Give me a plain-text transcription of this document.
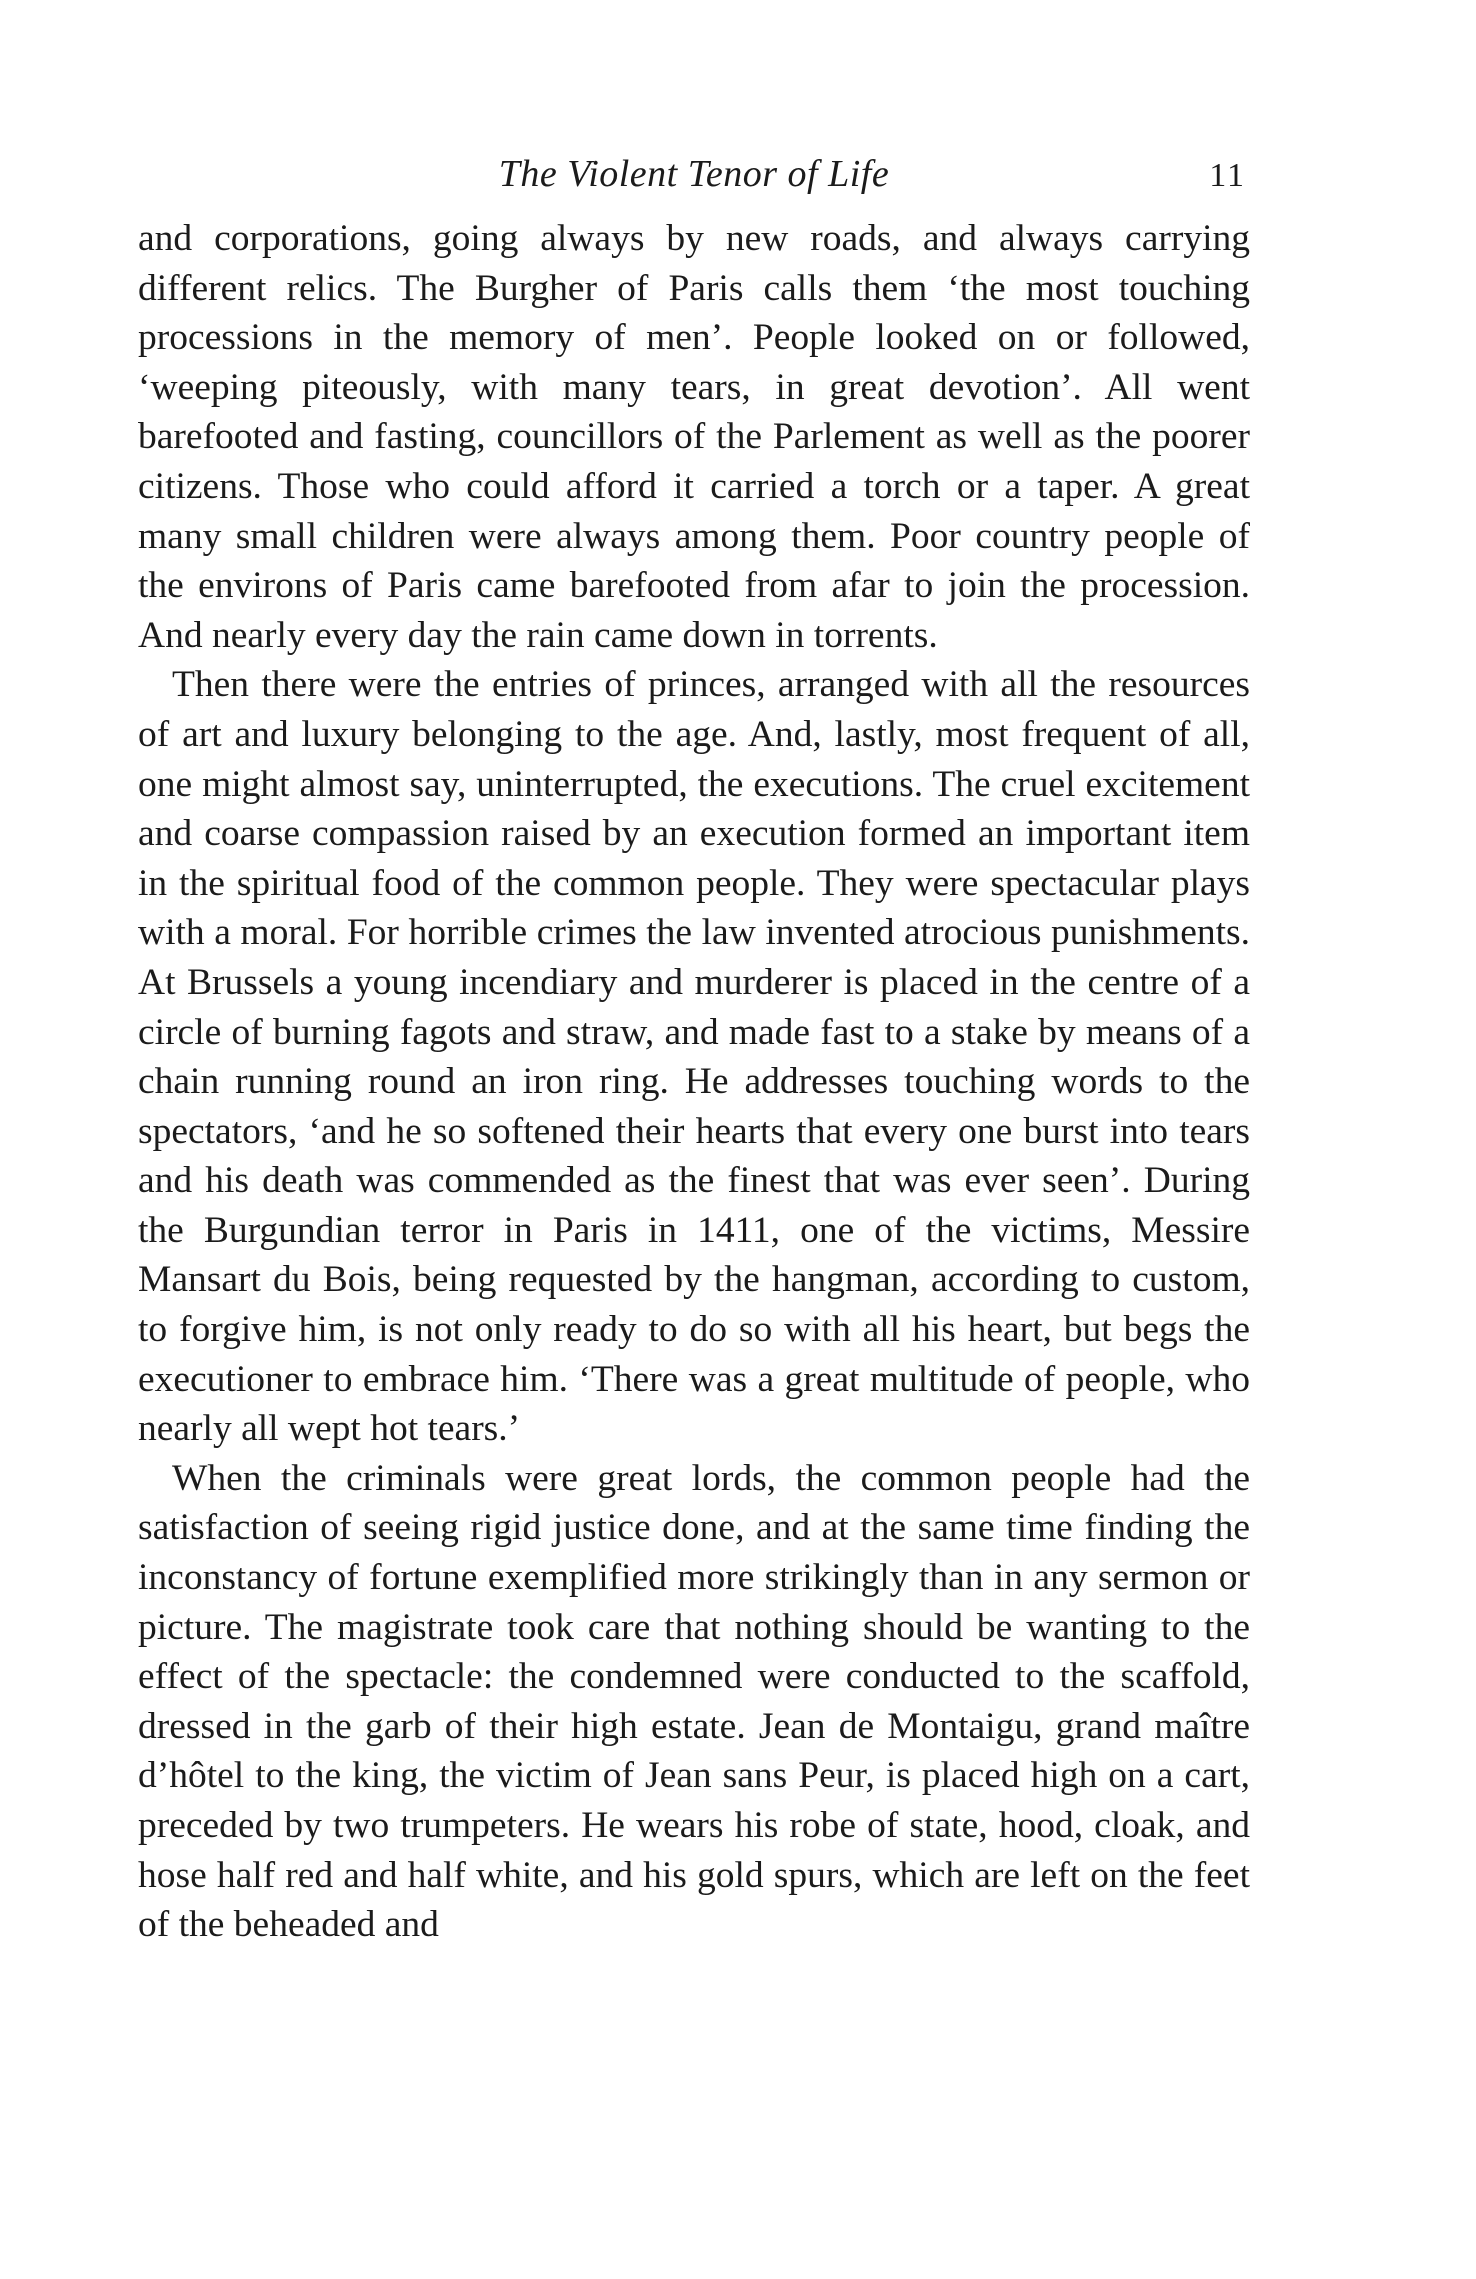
The Violent Tenor of Life	11

and corporations, going always by new roads, and always carrying different relics. The Burgher of Paris calls them ‘the most touching processions in the memory of men’. People looked on or followed, ‘weeping piteously, with many tears, in great devotion’. All went barefooted and fasting, councillors of the Parlement as well as the poorer citizens. Those who could afford it carried a torch or a taper. A great many small children were always among them. Poor country people of the environs of Paris came barefooted from afar to join the procession. And nearly every day the rain came down in torrents.

Then there were the entries of princes, arranged with all the resources of art and luxury belonging to the age. And, lastly, most frequent of all, one might almost say, uninterrupted, the executions. The cruel excitement and coarse compassion raised by an execution formed an important item in the spiritual food of the common people. They were spectacular plays with a moral. For horrible crimes the law invented atrocious punishments. At Brussels a young incendiary and murderer is placed in the centre of a circle of burning fagots and straw, and made fast to a stake by means of a chain running round an iron ring. He addresses touching words to the spectators, ‘and he so softened their hearts that every one burst into tears and his death was commended as the finest that was ever seen’. During the Burgundian terror in Paris in 1411, one of the victims, Messire Mansart du Bois, being requested by the hangman, according to custom, to forgive him, is not only ready to do so with all his heart, but begs the executioner to embrace him. ‘There was a great multitude of people, who nearly all wept hot tears.’

When the criminals were great lords, the common people had the satisfaction of seeing rigid justice done, and at the same time finding the inconstancy of fortune exemplified more strikingly than in any sermon or picture. The magistrate took care that nothing should be wanting to the effect of the spectacle: the condemned were conducted to the scaffold, dressed in the garb of their high estate. Jean de Montaigu, grand maître d’hôtel to the king, the victim of Jean sans Peur, is placed high on a cart, preceded by two trumpeters. He wears his robe of state, hood, cloak, and hose half red and half white, and his gold spurs, which are left on the feet of the beheaded and
